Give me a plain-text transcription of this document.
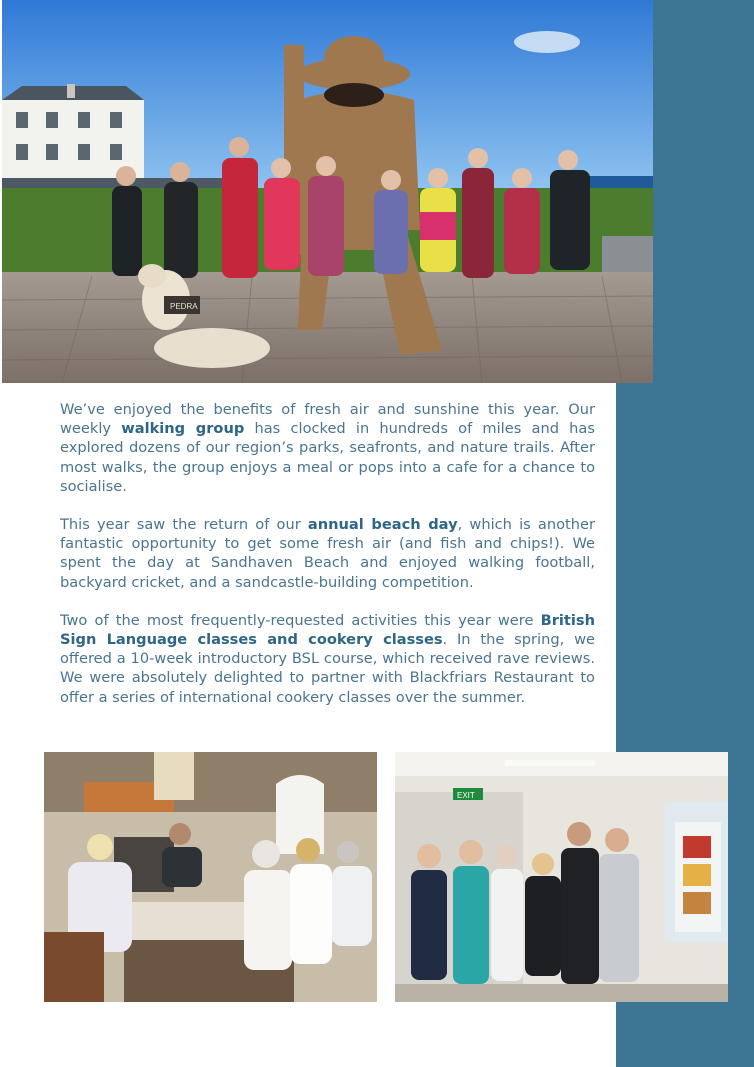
PEDRA

We’ve enjoyed the benefits of fresh air and sunshine this year. Our weekly walking group has clocked in hundreds of miles and has explored dozens of our region’s parks, seafronts, and nature trails. After most walks, the group enjoys a meal or pops into a cafe for a chance to socialise.

This year saw the return of our annual beach day, which is another fantastic opportunity to get some fresh air (and fish and chips!). We spent the day at Sandhaven Beach and enjoyed walking football, backyard cricket, and a sandcastle-building competition.

Two of the most frequently-requested activities this year were British Sign Language classes and cookery classes. In the spring, we offered a 10-week introductory BSL course, which received rave reviews. We were absolutely delighted to partner with Blackfriars Restaurant to offer a series of international cookery classes over the summer.

EXIT
